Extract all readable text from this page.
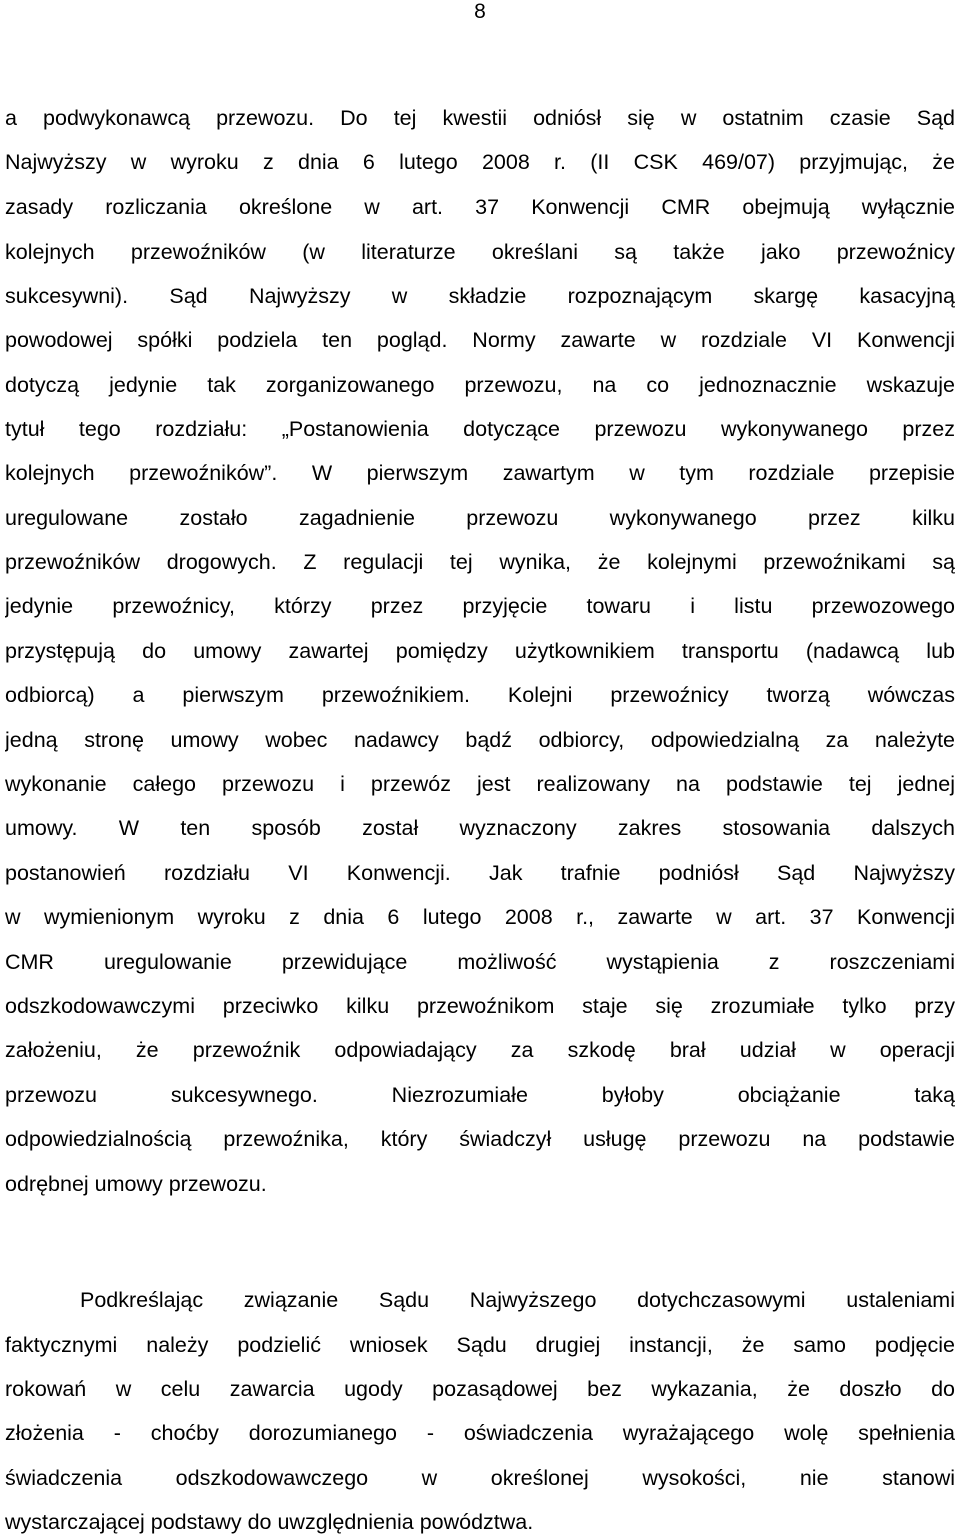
8
a podwykonawcą przewozu. Do tej kwestii odniósł się w ostatnim czasie Sąd
Najwyższy w wyroku z dnia 6 lutego 2008 r. (II CSK 469/07) przyjmując, że
zasady rozliczania określone w art. 37 Konwencji CMR obejmują wyłącznie
kolejnych przewoźników (w literaturze określani są także jako przewoźnicy
sukcesywni). Sąd Najwyższy w składzie rozpoznającym skargę kasacyjną
powodowej spółki podziela ten pogląd. Normy zawarte w rozdziale VI Konwencji
dotyczą jedynie tak zorganizowanego przewozu, na co jednoznacznie wskazuje
tytuł tego rozdziału: „Postanowienia dotyczące przewozu wykonywanego przez
kolejnych przewoźników”. W pierwszym zawartym w tym rozdziale przepisie
uregulowane zostało zagadnienie przewozu wykonywanego przez kilku
przewoźników drogowych. Z regulacji tej wynika, że kolejnymi przewoźnikami są
jedynie przewoźnicy, którzy przez przyjęcie towaru i listu przewozowego
przystępują do umowy zawartej pomiędzy użytkownikiem transportu (nadawcą lub
odbiorcą) a pierwszym przewoźnikiem. Kolejni przewoźnicy tworzą wówczas
jedną stronę umowy wobec nadawcy bądź odbiorcy, odpowiedzialną za należyte
wykonanie całego przewozu i przewóz jest realizowany na podstawie tej jednej
umowy. W ten sposób został wyznaczony zakres stosowania dalszych
postanowień rozdziału VI Konwencji. Jak trafnie podniósł Sąd Najwyższy
w wymienionym wyroku z dnia 6 lutego 2008 r., zawarte w art. 37 Konwencji
CMR uregulowanie przewidujące możliwość wystąpienia z roszczeniami
odszkodowawczymi przeciwko kilku przewoźnikom staje się zrozumiałe tylko przy
założeniu, że przewoźnik odpowiadający za szkodę brał udział w operacji
przewozu sukcesywnego. Niezrozumiałe byłoby obciążanie taką
odpowiedzialnością przewoźnika, który świadczył usługę przewozu na podstawie
odrębnej umowy przewozu.
Podkreślając związanie Sądu Najwyższego dotychczasowymi ustaleniami
faktycznymi należy podzielić wniosek Sądu drugiej instancji, że samo podjęcie
rokowań w celu zawarcia ugody pozasądowej bez wykazania, że doszło do
złożenia - choćby dorozumianego - oświadczenia wyrażającego wolę spełnienia
świadczenia odszkodowawczego w określonej wysokości, nie stanowi
wystarczającej podstawy do uwzględnienia powództwa.
